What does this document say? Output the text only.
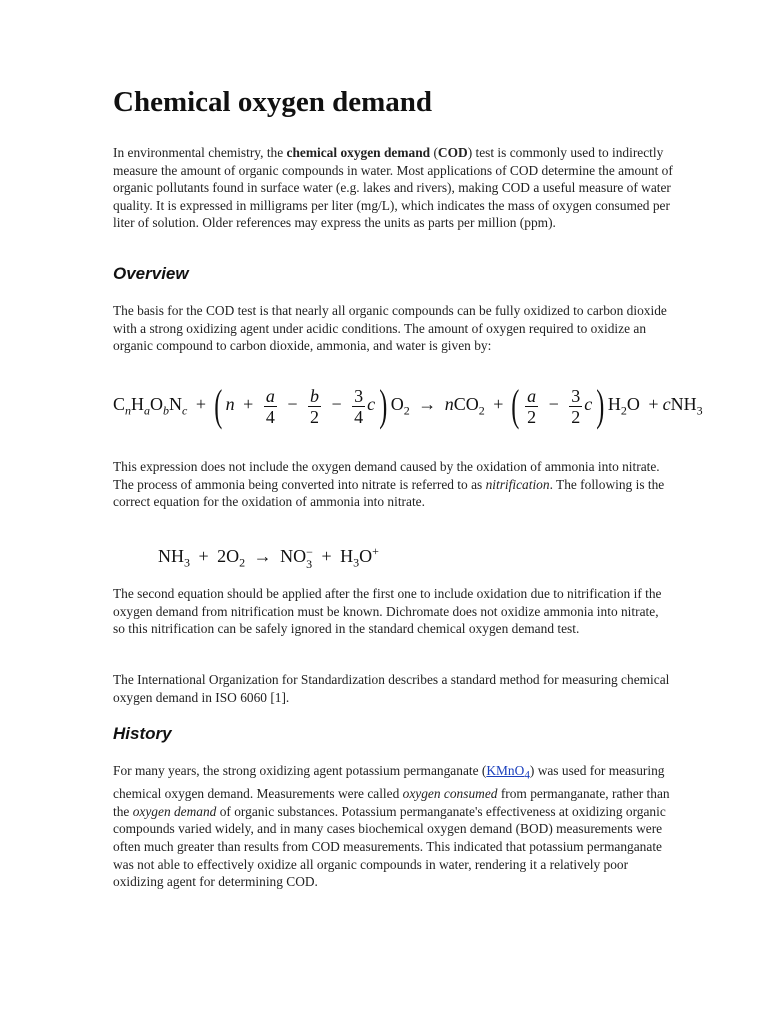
Chemical oxygen demand

In environmental chemistry, the chemical oxygen demand (COD) test is commonly used to indirectly measure the amount of organic compounds in water. Most applications of COD determine the amount of organic pollutants found in surface water (e.g. lakes and rivers), making COD a useful measure of water quality. It is expressed in milligrams per liter (mg/L), which indicates the mass of oxygen consumed per liter of solution. Older references may express the units as parts per million (ppm).

Overview

The basis for the COD test is that nearly all organic compounds can be fully oxidized to carbon dioxide with a strong oxidizing agent under acidic conditions. The amount of oxygen required to oxidize an organic compound to carbon dioxide, ammonia, and water is given by:

$C_nH_aO_bN_c$ + ( $n + \frac{a}{4} - \frac{b}{2} - \frac{3}{4}$ c ) $O_2 \to nCO_2$ + ( $\frac{a}{2} - \frac{3}{2}$ c ) $H_2O + cNH_3$

This expression does not include the oxygen demand caused by the oxidation of ammonia into nitrate. The process of ammonia being converted into nitrate is referred to as nitrification. The following is the correct equation for the oxidation of ammonia into nitrate.

$NH_3 + 2O_2$ → NO −
$3 + H_3O^+$

The second equation should be applied after the first one to include oxidation due to nitrification if the oxygen demand from nitrification must be known. Dichromate does not oxidize ammonia into nitrate, so this nitrification can be safely ignored in the standard chemical oxygen demand test.

The International Organization for Standardization describes a standard method for measuring chemical oxygen demand in ISO 6060 [1].

History

For many years, the strong oxidizing agent potassium permanganate (KMnO$_4$) was used for measuring chemical oxygen demand. Measurements were called oxygen consumed from permanganate, rather than the oxygen demand of organic substances. Potassium permanganate's effectiveness at oxidizing organic compounds varied widely, and in many cases biochemical oxygen demand (BOD) measurements were often much greater than results from COD measurements. This indicated that potassium permanganate was not able to effectively oxidize all organic compounds in water, rendering it a relatively poor oxidizing agent for determining COD.
